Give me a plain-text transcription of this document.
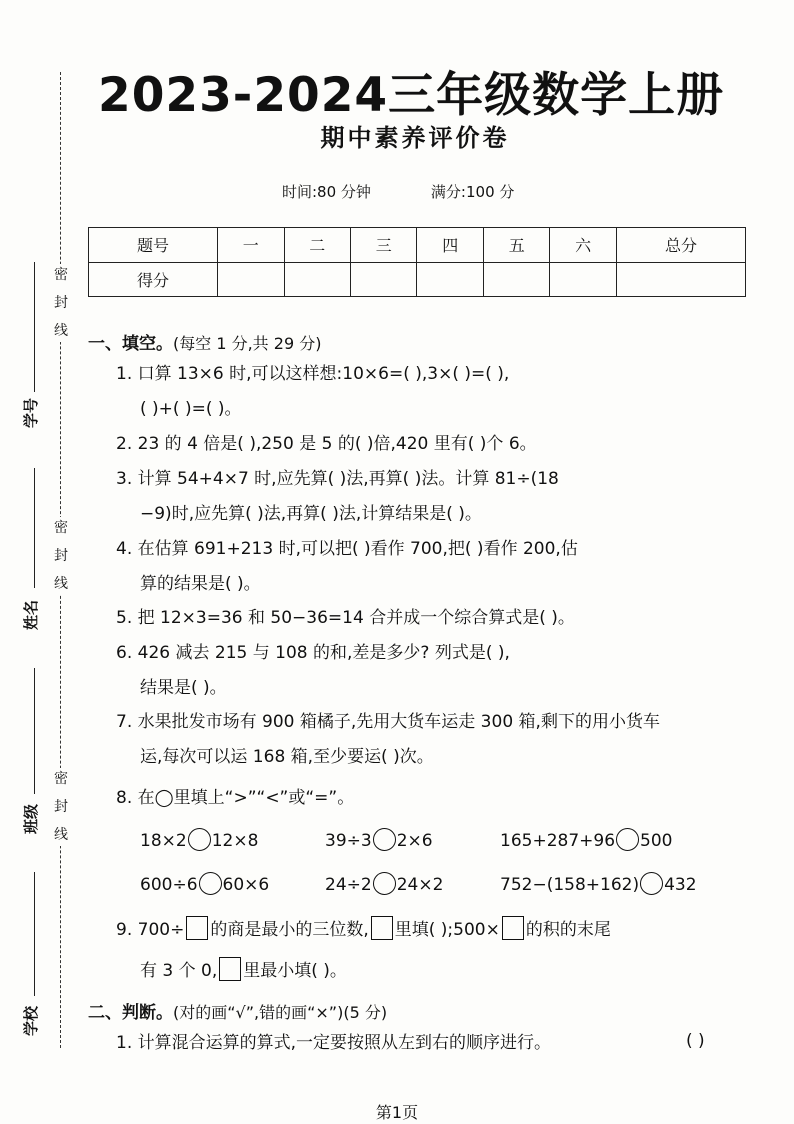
2023-2024三年级数学上册
期中素养评价卷
时间:80 分钟	满分:100 分
题号	一	二	三	四	五	六	总分
得分							
密
封
线
密
封
线
密
封
线
学号
姓名
班级
学校
一、填空。(每空 1 分,共 29 分)
1. 口算 13×6 时,可以这样想:10×6=( ),3×( )=( ),
( )+( )=( )。
2. 23 的 4 倍是( ),250 是 5 的( )倍,420 里有( )个 6。
3. 计算 54+4×7 时,应先算( )法,再算( )法。计算 81÷(18
−9)时,应先算( )法,再算( )法,计算结果是( )。
4. 在估算 691+213 时,可以把( )看作 700,把( )看作 200,估
算的结果是( )。
5. 把 12×3=36 和 50−36=14 合并成一个综合算式是( )。
6. 426 减去 215 与 108 的和,差是多少? 列式是( ),
结果是( )。
7. 水果批发市场有 900 箱橘子,先用大货车运走 300 箱,剩下的用小货车
运,每次可以运 168 箱,至少要运( )次。
8. 在◯里填上“>”“<”或“=”。
18×2 12×8	39÷3 2×6	165+287+96 500
600÷6 60×6	24÷2 24×2	752−(158+162) 432
9. 700÷ 的商是最小的三位数, 里填( );500× 的积的末尾
有 3 个 0, 里最小填( )。
二、判断。(对的画“√”,错的画“×”)(5 分)
1. 计算混合运算的算式,一定要按照从左到右的顺序进行。	( )
第1页
